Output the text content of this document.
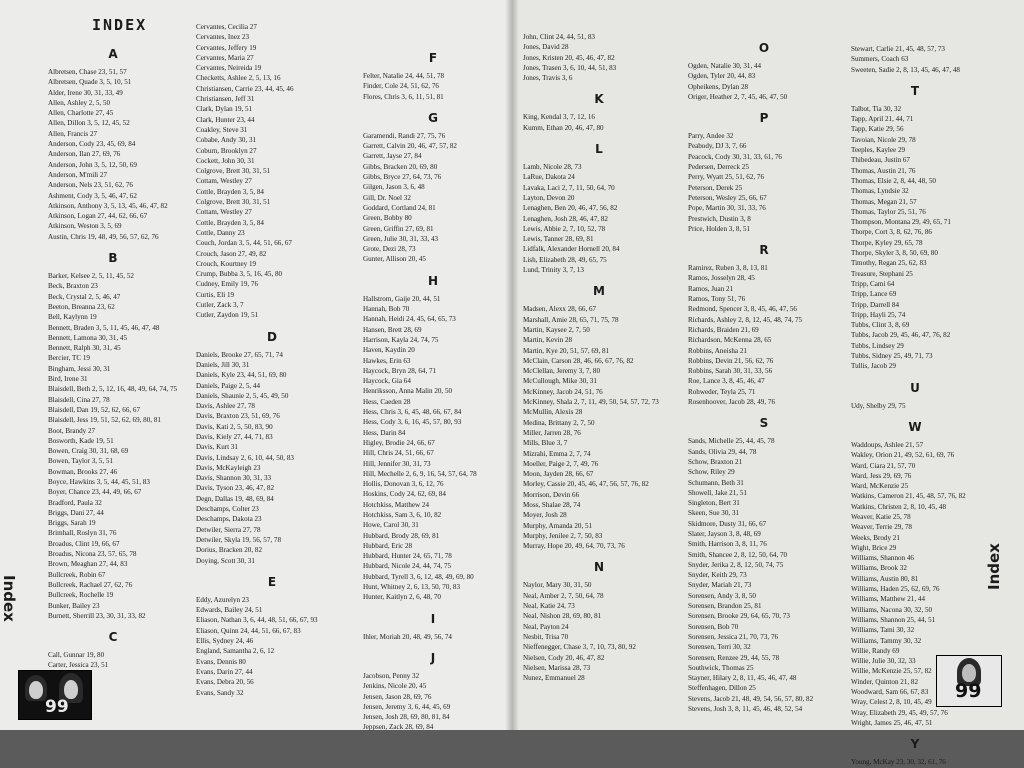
INDEX
Index
Index
A
Albretsen, Chase 23, 51, 57
Albretsen, Quade 3, 5, 10, 51
Alder, Irene 30, 31, 33, 49
Allen, Ashley 2, 5, 50
Allen, Charlotte 27, 45
Allen, Dillon 3, 5, 12, 45, 52
Allen, Francis 27
Anderson, Cody 23, 45, 69, 84
Anderson, Ilan 27, 69, 76
Anderson, John 3, 5, 12, 50, 69
Anderson, M'mili 27
Anderson, Nels 23, 51, 62, 76
Ashment, Cody 3, 5, 46, 47, 62
Atkinson, Anthony 3, 5, 13, 45, 46, 47, 82
Atkinson, Logan 27, 44, 62, 66, 67
Atkinson, Weston 3, 5, 69
Austin, Chris 19, 48, 49, 56, 57, 62, 76
B
Barker, Kelsee 2, 5, 11, 45, 52
Beck, Braxton 23
Beck, Crystal 2, 5, 46, 47
Beeton, Breanna 23, 62
Bell, Kaylynn 19
Bennett, Braden 3, 5, 11, 45, 46, 47, 48
Bennett, Lamona 30, 31, 45
Bennett, Ralph 30, 31, 45
Bercier, TC 19
Bingham, Jessi 30, 31
Bird, Irene 31
Blaisdell, Beth 2, 5, 12, 16, 48, 49, 64, 74, 75
Blaisdell, Cina 27, 78
Blaisdell, Dan 19, 52, 62, 66, 67
Blaisdell, Jess 19, 51, 52, 62, 69, 80, 81
Boot, Brandy 27
Bosworth, Kade 19, 51
Bowen, Craig 30, 31, 68, 69
Bowen, Taylor 3, 5, 51
Bowman, Brooks 27, 46
Boyce, Hawkins 3, 5, 44, 45, 51, 83
Boyer, Chance 23, 44, 49, 66, 67
Bradford, Paula 32
Briggs, Dani 27, 44
Briggs, Sarah 19
Brimhall, Roslyn 31, 76
Broadus, Clint 19, 66, 67
Broadus, Nicona 23, 57, 65, 78
Brown, Meaghan 27, 44, 83
Bullcreek, Robin 67
Bullcreek, Rachael 27, 62, 76
Bullcreek, Rochelle 19
Bunker, Bailey 23
Burnett, Sherrill 23, 30, 31, 33, 82
C
Call, Gunnar 19, 80
Carter, Jessica 23, 51
Cervantes, Cecilia 27
Cervantes, Inez 23
Cervantes, Jeffery 19
Cervantes, Maria 27
Cervantes, Neireida 19
Checketts, Ashlee 2, 5, 13, 16
Christiansen, Carrie 23, 44, 45, 46
Christiansen, Jeff 31
Clark, Dylan 19, 51
Clark, Hunter 23, 44
Coakley, Steve 31
Cobabe, Andy 30, 31
Coburn, Brooklyn 27
Cockett, John 30, 31
Colgrove, Brett 30, 31, 51
Cottam, Westley 27
Cottle, Brayden 3, 5, 84
Colgrove, Brett 30, 31, 51
Cottam, Westley 27
Cottle, Brayden 3, 5, 84
Cottle, Danny 23
Couch, Jordan 3, 5, 44, 51, 66, 67
Crouch, Jason 27, 49, 82
Crouch, Kourtney 19
Crump, Bubba 3, 5, 16, 45, 80
Cudney, Emily 19, 76
Curtis, Eli 19
Cutler, Zack 3, 7
Cutler, Zaydon 19, 51
D
Daniels, Brooke 27, 65, 71, 74
Daniels, Jill 30, 31
Daniels, Kyle 23, 44, 51, 69, 80
Daniels, Paige 2, 5, 44
Daniels, Shaunie 2, 5, 45, 49, 50
Davis, Ashlee 27, 78
Davis, Braxton 23, 51, 69, 76
Davis, Kati 2, 5, 50, 83, 90
Davis, Kiely 27, 44, 71, 83
Davis, Kurt 31
Davis, Lindsay 2, 6, 10, 44, 50, 83
Davis, McKayleigh 23
Davis, Shannon 30, 31, 33
Davis, Tyson 23, 46, 47, 82
Degn, Dallas 19, 48, 69, 84
Deschamps, Colter 23
Deschamps, Dakota 23
Detwiler, Sierra 27, 78
Detwiler, Skyla 19, 56, 57, 78
Dorius, Bracken 20, 82
Doying, Scott 30, 31
E
Eddy, Azurelyn 23
Edwards, Bailey 24, 51
Eliason, Nathan 3, 6, 44, 48, 51, 66, 67, 93
Eliason, Quinn 24, 44, 51, 66, 67, 83
Ellis, Sydney 24, 46
England, Samantha 2, 6, 12
Evans, Dennis 80
Evans, Darin 27, 44
Evans, Debra 20, 56
Evans, Sandy 32
F
Felter, Natalie 24, 44, 51, 78
Finder, Cole 24, 51, 62, 76
Flores, Chris 3, 6, 11, 51, 81
G
Garamendi, Randi 27, 75, 76
Garrett, Calvin 20, 46, 47, 57, 82
Garrett, Jayse 27, 84
Gibbs, Bracken 20, 69, 80
Gibbs, Bryce 27, 64, 73, 76
Gilgen, Jason 3, 6, 48
Gill, Dr. Noel 32
Goddard, Cortland 24, 81
Green, Bobby 80
Green, Griffin 27, 69, 81
Green, Julie 30, 31, 33, 43
Grote, Dezi 28, 73
Gunter, Allison 20, 45
H
Hallstrom, Gaije 20, 44, 51
Hannah, Bob 70
Hannah, Heidi 24, 45, 64, 65, 73
Hansen, Brett 28, 69
Harrison, Kayla 24, 74, 75
Haven, Kaydin 20
Hawkes, Erin 63
Haycock, Bryn 28, 64, 71
Haycock, Gia 64
Henriksson, Anna Malin 20, 50
Hess, Caeden 28
Hess, Chris 3, 6, 45, 48, 66, 67, 84
Hess, Cody 3, 6, 16, 45, 57, 80, 93
Hess, Darin 84
Higley, Brodie 24, 66, 67
Hill, Chris 24, 51, 66, 67
Hill, Jennifer 30, 31, 73
Hill, Mechelle 2, 6, 9, 16, 54, 57, 64, 78
Hollis, Donovan 3, 6, 12, 76
Hoskins, Cody 24, 62, 69, 84
Hotchkiss, Matthew 24
Hotchkiss, Sam 3, 6, 10, 82
Howe, Carol 30, 31
Hubbard, Brody 28, 69, 81
Hubbard, Eric 28
Hubbard, Hunter 24, 65, 71, 78
Hubbard, Nicole 24, 44, 74, 75
Hubbard, Tyrell 3, 6, 12, 48, 49, 69, 80
Hunt, Whitney 2, 6, 13, 50, 70, 83
Hunter, Kaitlyn 2, 6, 48, 70
I
Ihler, Moriah 20, 48, 49, 56, 74
J
Jacobson, Penny 32
Jenkins, Nicole 20, 45
Jensen, Jason 28, 69, 76
Jensen, Jeremy 3, 6, 44, 45, 69
Jensen, Josh 28, 69, 80, 81, 84
Jeppsen, Zack 28, 69, 84
John, Clint 24, 44, 51, 83
Jones, David 28
Jones, Kristen 20, 45, 46, 47, 82
Jones, Trasen 3, 6, 10, 44, 51, 83
Jones, Travis 3, 6
K
King, Kendal 3, 7, 12, 16
Kumm, Ethan 20, 46, 47, 80
L
Lamb, Nicole 28, 73
LaRue, Dakota 24
Lavaka, Laci 2, 7, 11, 50, 64, 70
Layton, Devon 20
Lenaghen, Ben 20, 46, 47, 56, 82
Lenaghen, Josh 28, 46, 47, 82
Lewis, Abbie 2, 7, 10, 52, 78
Lewis, Tanner 28, 69, 81
Lidfalk, Alexander Hornell 20, 84
Lish, Elizabeth 28, 49, 65, 75
Lund, Trinity 3, 7, 13
M
Madsen, Alexx 28, 66, 67
Marshall, Amie 28, 65, 71, 75, 78
Martin, Kaysee 2, 7, 50
Martin, Kevin 28
Martin, Kye 20, 51, 57, 69, 81
McClain, Carson 28, 46, 66, 67, 76, 82
McClellan, Jeremy 3, 7, 80
McCullough, Mike 30, 31
McKinney, Jacob 24, 51, 76
McKinney, Shala 2, 7, 11, 49, 50, 54, 57, 72, 73
McMullin, Alexis 28
Medina, Brittany 2, 7, 50
Miller, Jarren 28, 76
Mills, Blue 3, 7
Mizrahi, Emma 2, 7, 74
Moeller, Paige 2, 7, 49, 76
Moon, Jayden 28, 66, 67
Morley, Cassie 20, 45, 46, 47, 56, 57, 76, 82
Morrison, Devin 66
Moss, Shalae 28, 74
Moyer, Josh 28
Murphy, Amanda 20, 51
Murphy, Jenilee 2, 7, 50, 83
Murray, Hope 20, 49, 64, 70, 73, 76
N
Naylor, Mary 30, 31, 50
Neal, Amber 2, 7, 50, 64, 78
Neal, Katie 24, 73
Neal, Nishon 28, 69, 80, 81
Neal, Payton 24
Nesbit, Trisa 70
Nieffenegger, Chase 3, 7, 10, 73, 80, 92
Nielsen, Cody 20, 46, 47, 82
Nielsen, Marissa 28, 73
Nunez, Emmanuel 28
O
Ogden, Natalie 30, 31, 44
Ogden, Tyler 20, 44, 83
Opheikens, Dylan 28
Origer, Heather 2, 7, 45, 46, 47, 50
P
Parry, Andee 32
Peabody, DJ 3, 7, 66
Peacock, Cody 30, 31, 33, 61, 76
Pedersen, Derreck 25
Perry, Wyatt 25, 51, 62, 76
Peterson, Derek 25
Peterson, Wesley 25, 66, 67
Pope, Martin 30, 31, 33, 76
Prestwich, Dustin 3, 8
Price, Holden 3, 8, 51
R
Ramirez, Ruben 3, 8, 13, 81
Ramos, Josselyn 28, 45
Ramos, Juan 21
Ramos, Tony 51, 76
Redmond, Spencer 3, 8, 45, 46, 47, 56
Richards, Ashley 2, 8, 12, 45, 48, 74, 75
Richards, Braiden 21, 69
Richardson, McKenna 28, 65
Robbins, Aneisha 21
Robbins, Devin 21, 56, 62, 76
Robbins, Sarah 30, 31, 33, 56
Roe, Lance 3, 8, 45, 46, 47
Rohweder, Teyla 25, 71
Rosenhoover, Jacob 28, 49, 76
S
Sands, Michelle 25, 44, 45, 78
Sands, Olivia 29, 44, 78
Schow, Braxton 21
Schow, Riley 29
Schumann, Beth 31
Showell, Jake 21, 51
Singleton, Bert 31
Skeen, Sue 30, 31
Skidmore, Dusty 31, 66, 67
Slater, Jayson 3, 8, 48, 69
Smith, Harrison 3, 8, 11, 76
Smith, Shancee 2, 8, 12, 50, 64, 70
Snyder, Jerika 2, 8, 12, 50, 74, 75
Snyder, Keith 29, 73
Snyder, Mariah 21, 73
Sorensen, Andy 3, 8, 50
Sorensen, Brandon 25, 81
Sorensen, Brooke 29, 64, 65, 70, 73
Sorensen, Bob 70
Sorensen, Jessica 21, 70, 73, 76
Sorensen, Terri 30, 32
Sorensen, Renzee 29, 44, 55, 78
Southwick, Thomas 25
Stayner, Hilary 2, 8, 11, 45, 46, 47, 48
Steffenhagen, Dillon 25
Stevens, Jacob 21, 48, 49, 54, 56, 57, 80, 82
Stevens, Josh 3, 8, 11, 45, 46, 48, 52, 54
Stewart, Carlie 21, 45, 48, 57, 73
Summers, Coach 63
Sweeten, Sadie 2, 8, 13, 45, 46, 47, 48
T
Talbot, Tia 30, 32
Tapp, April 21, 44, 71
Tapp, Katie 29, 56
Tavoian, Nicole 29, 78
Teeples, Kaylee 29
Thibedeau, Justin 67
Thomas, Austin 21, 76
Thomas, Elsie 2, 8, 44, 48, 50
Thomas, Lyndsie 32
Thomas, Megan 21, 57
Thomas, Taylor 25, 51, 76
Thompson, Montana 29, 49, 65, 71
Thorpe, Cort 3, 8, 62, 76, 86
Thorpe, Kyley 29, 65, 78
Thorpe, Skyler 3, 8, 50, 69, 80
Timothy, Regan 25, 62, 83
Treasure, Stephani 25
Tripp, Cami 64
Tripp, Lance 69
Tripp, Darrell 84
Tripp, Hayli 25, 74
Tubbs, Clint 3, 8, 69
Tubbs, Jacob 29, 45, 46, 47, 76, 82
Tubbs, Lindsey 29
Tubbs, Sidney 25, 49, 71, 73
Tullis, Jacob 29
U
Udy, Shelby 29, 75
W
Waddoups, Ashlee 21, 57
Wakley, Orion 21, 49, 52, 61, 69, 76
Ward, Ciara 21, 57, 70
Ward, Jess 29, 69, 76
Ward, McKenzie 25
Watkins, Cameron 21, 45, 48, 57, 76, 82
Watkins, Christen 2, 8, 10, 45, 48
Weaver, Katie 25, 78
Weaver, Terrie 29, 78
Weeks, Brody 21
Wight, Brice 29
Williams, Shannon 46
Williams, Brook 32
Williams, Austin 80, 81
Williams, Haden 25, 62, 69, 76
Williams, Matthew 21, 44
Williams, Nacona 30, 32, 50
Williams, Shannon 25, 44, 51
Williams, Tami 30, 32
Williams, Tammy 30, 32
Willie, Randy 69
Willie, Julie 30, 32, 33
Willie, McKenzie 25, 57, 82
Winder, Quinton 21, 82
Woodward, Sam 66, 67, 83
Wray, Celest 2, 8, 10, 45, 49
Wray, Elizabeth 29, 45, 49, 57, 76
Wright, James 25, 46, 47, 51
Y
Young, McKay 23, 30, 32, 61, 76
99
99
